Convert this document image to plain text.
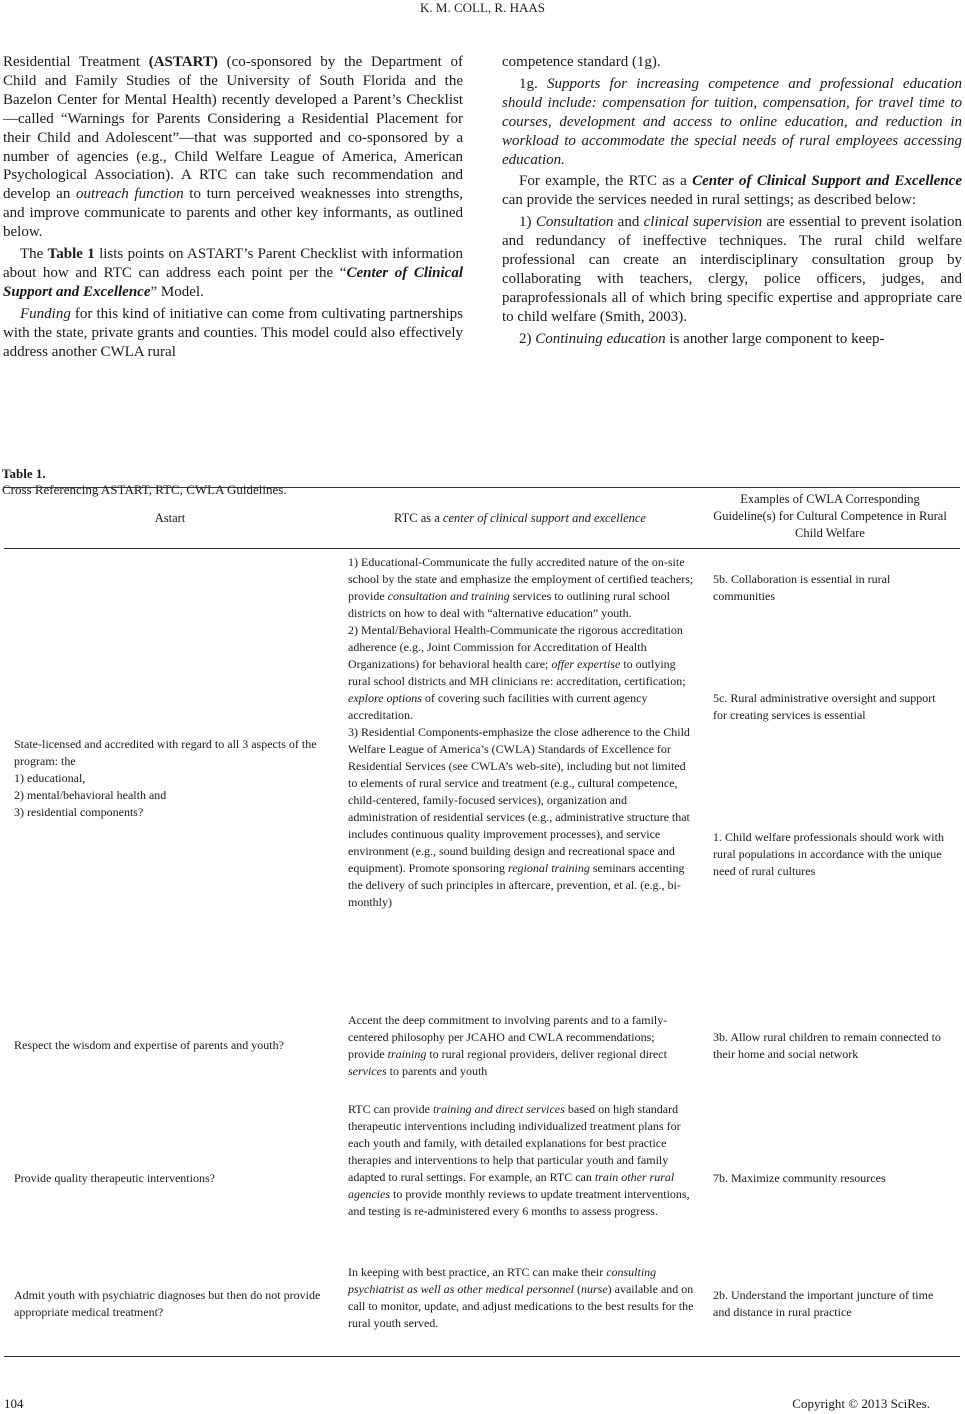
K. M. COLL, R. HAAS

Residential Treatment (ASTART) (co-sponsored by the Department of Child and Family Studies of the University of South Florida and the Bazelon Center for Mental Health) recently developed a Parent’s Checklist—called “Warnings for Parents Considering a Residential Placement for their Child and Adolescent”—that was supported and co-sponsored by a number of agencies (e.g., Child Welfare League of America, American Psychological Association). A RTC can take such recommendation and develop an outreach function to turn perceived weaknesses into strengths, and improve communicate to parents and other key informants, as outlined below.

The Table 1 lists points on ASTART’s Parent Checklist with information about how and RTC can address each point per the “Center of Clinical Support and Excellence” Model.

Funding for this kind of initiative can come from cultivating partnerships with the state, private grants and counties. This model could also effectively address another CWLA rural

competence standard (1g).

1g. Supports for increasing competence and professional education should include: compensation for tuition, compensation, for travel time to courses, development and access to online education, and reduction in workload to accommodate the special needs of rural employees accessing education.

For example, the RTC as a Center of Clinical Support and Excellence can provide the services needed in rural settings; as described below:

1) Consultation and clinical supervision are essential to prevent isolation and redundancy of ineffective techniques. The rural child welfare professional can create an interdisciplinary consultation group by collaborating with teachers, clergy, police officers, judges, and paraprofessionals all of which bring specific expertise and appropriate care to child welfare (Smith, 2003).

2) Continuing education is another large component to keep-

Table 1.
Cross Referencing ASTART, RTC, CWLA Guidelines.
Astart	RTC as a center of clinical support and excellence
Examples of CWLA Corresponding Guideline(s) for Cultural Competence in Rural Child Welfare
State-licensed and accredited with regard to all 3 aspects of the program: the
1) educational,
2) mental/behavioral health and
3) residential components?
1) Educational-Communicate the fully accredited nature of the on-site school by the state and emphasize the employment of certified teachers; provide consultation and training services to outlining rural school districts on how to deal with “alternative education” youth.
2) Mental/Behavioral Health-Communicate the rigorous accreditation adherence (e.g., Joint Commission for Accreditation of Health Organizations) for behavioral health care; offer expertise to outlying rural school districts and MH clinicians re: accreditation, certification; explore options of covering such facilities with current agency accreditation.
3) Residential Components-emphasize the close adherence to the Child Welfare League of America’s (CWLA) Standards of Excellence for Residential Services (see CWLA’s web-site), including but not limited to elements of rural service and treatment (e.g., cultural competence, child-centered, family-focused services), organization and administration of residential services (e.g., administrative structure that includes continuous quality improvement processes), and service environment (e.g., sound building design and recreational space and equipment). Promote sponsoring regional training seminars accenting the delivery of such principles in aftercare, prevention, et al. (e.g., bi-monthly)
5b. Collaboration is essential in rural communities
5c. Rural administrative oversight and support for creating services is essential
1. Child welfare professionals should work with rural populations in accordance with the unique need of rural cultures
Respect the wisdom and expertise of parents and youth?
Accent the deep commitment to involving parents and to a family-centered philosophy per JCAHO and CWLA recommendations; provide training to rural regional providers, deliver regional direct services to parents and youth
3b. Allow rural children to remain connected to their home and social network
Provide quality therapeutic interventions?
RTC can provide training and direct services based on high standard therapeutic interventions including individualized treatment plans for each youth and family, with detailed explanations for best practice therapies and interventions to help that particular youth and family adapted to rural settings. For example, an RTC can train other rural agencies to provide monthly reviews to update treatment interventions, and testing is re-administered every 6 months to assess progress.
7b. Maximize community resources
Admit youth with psychiatric diagnoses but then do not provide appropriate medical treatment?
In keeping with best practice, an RTC can make their consulting psychiatrist as well as other medical personnel (nurse) available and on call to monitor, update, and adjust medications to the best results for the rural youth served.
2b. Understand the important juncture of time and distance in rural practice
104	Copyright © 2013 SciRes.
